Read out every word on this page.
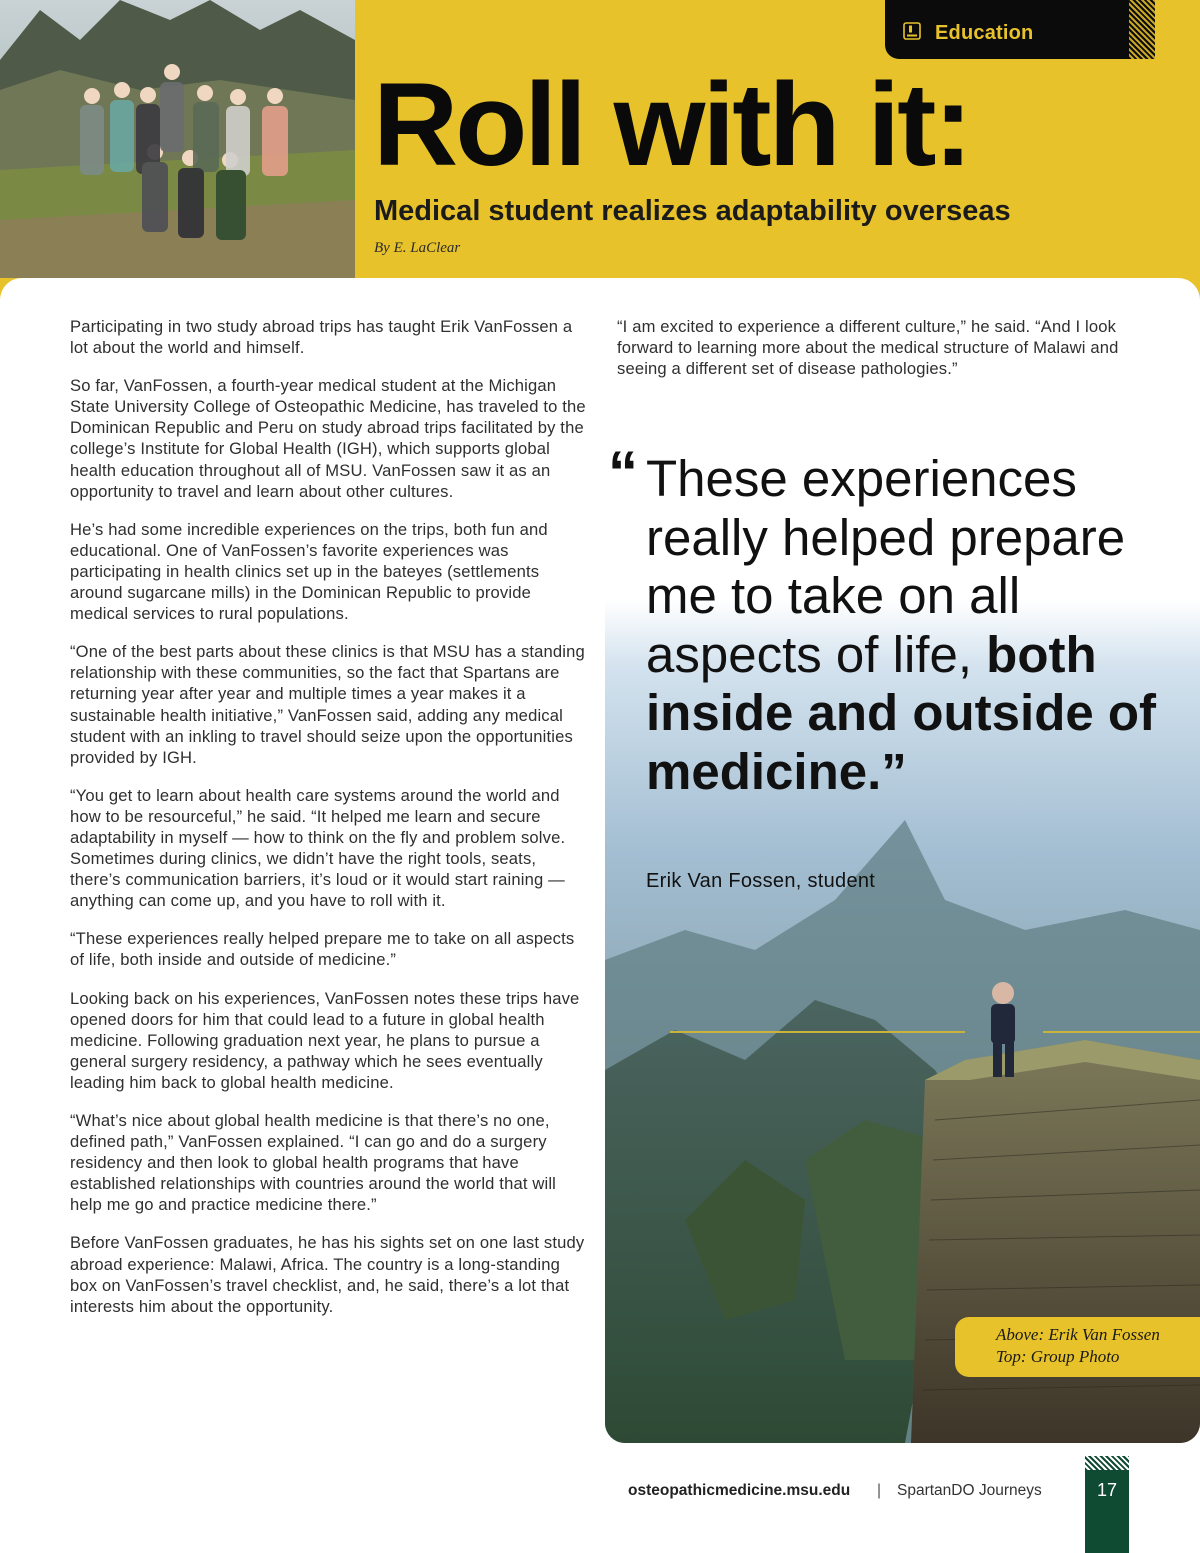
Education
Roll with it:
Medical student realizes adaptability overseas
By E. LaClear

Participating in two study abroad trips has taught Erik VanFossen a lot about the world and himself.

So far, VanFossen, a fourth-year medical student at the Michigan State University College of Osteopathic Medicine, has traveled to the Dominican Republic and Peru on study abroad trips facilitated by the college’s Institute for Global Health (IGH), which supports global health education throughout all of MSU. VanFossen saw it as an opportunity to travel and learn about other cultures.

He’s had some incredible experiences on the trips, both fun and educational. One of VanFossen’s favorite experiences was participating in health clinics set up in the bateyes (settlements around sugarcane mills) in the Dominican Republic to provide medical services to rural populations.

“One of the best parts about these clinics is that MSU has a standing relationship with these communities, so the fact that Spartans are returning year after year and multiple times a year makes it a sustainable health initiative,” VanFossen said, adding any medical student with an inkling to travel should seize upon the opportunities provided by IGH.

“You get to learn about health care systems around the world and how to be resourceful,” he said. “It helped me learn and secure adaptability in myself — how to think on the fly and problem solve. Sometimes during clinics, we didn’t have the right tools, seats, there’s communication barriers, it’s loud or it would start raining — anything can come up, and you have to roll with it.

“These experiences really helped prepare me to take on all aspects of life, both inside and outside of medicine.”

Looking back on his experiences, VanFossen notes these trips have opened doors for him that could lead to a future in global health medicine. Following graduation next year, he plans to pursue a general surgery residency, a pathway which he sees eventually leading him back to global health medicine.

“What’s nice about global health medicine is that there’s no one, defined path,” VanFossen explained. “I can go and do a surgery residency and then look to global health programs that have established relationships with countries around the world that will help me go and practice medicine there.”

Before VanFossen graduates, he has his sights set on one last study abroad experience: Malawi, Africa. The country is a long-standing box on VanFossen’s travel checklist, and, he said, there’s a lot that interests him about the opportunity.

“I am excited to experience a different culture,” he said. “And I look forward to learning more about the medical structure of Malawi and seeing a different set of disease pathologies.”

“ These experiences really helped prepare me to take on all aspects of life, both inside and outside of medicine.”
Erik Van Fossen, student
Above: Erik Van Fossen
Top: Group Photo
osteopathicmedicine.msu.edu | SpartanDO Journeys	17
